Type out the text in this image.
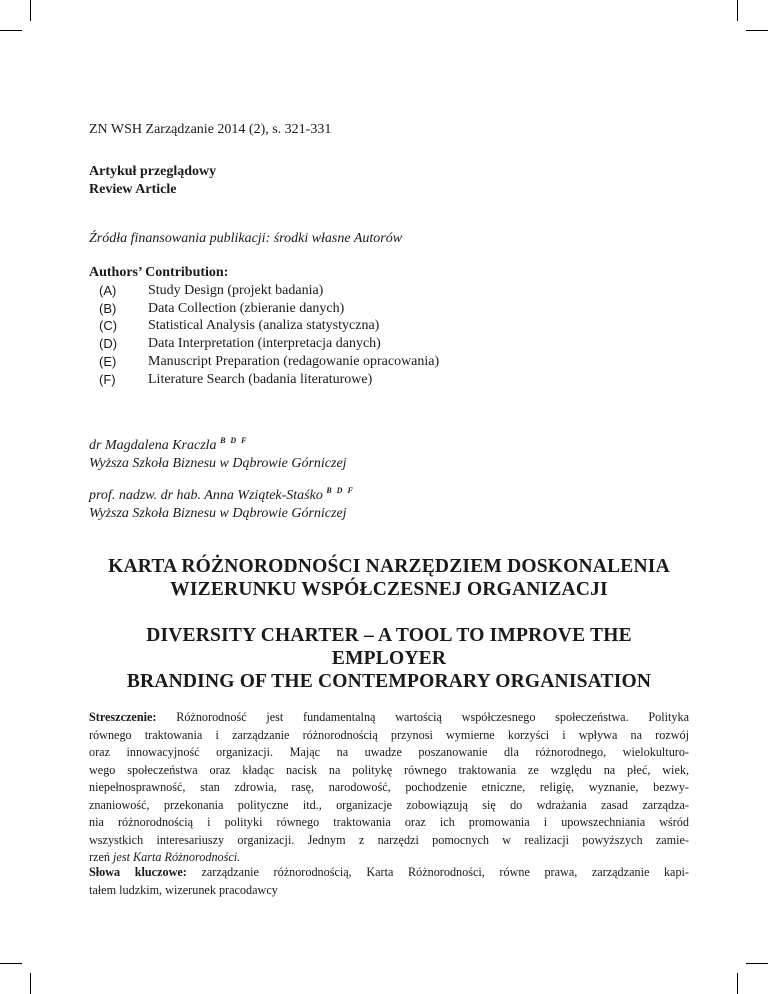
ZN WSH Zarządzanie 2014 (2), s. 321-331
Artykuł przeglądowy
Review Article
Źródła finansowania publikacji: środki własne Autorów
Authors’ Contribution:
(A)	Study Design (projekt badania)
(B)	Data Collection (zbieranie danych)
(C)	Statistical Analysis (analiza statystyczna)
(D)	Data Interpretation (interpretacja danych)
(E)	Manuscript Preparation (redagowanie opracowania)
(F)	Literature Search (badania literaturowe)
dr Magdalena Kraczla $^{B D F}$
Wyższa Szkoła Biznesu w Dąbrowie Górniczej
prof. nadzw. dr hab. Anna Wziątek-Staśko $^{B D F}$
Wyższa Szkoła Biznesu w Dąbrowie Górniczej
KARTA RÓŻNORODNOŚCI NARZĘDZIEM DOSKONALENIA
WIZERUNKU WSPÓŁCZESNEJ ORGANIZACJI
DIVERSITY CHARTER – A TOOL TO IMPROVE THE EMPLOYER
BRANDING OF THE CONTEMPORARY ORGANISATION
Streszczenie: Różnorodność jest fundamentalną wartością współczesnego społeczeństwa. Polityka
równego traktowania i zarządzanie różnorodnością przynosi wymierne korzyści i wpływa na rozwój
oraz innowacyjność organizacji. Mając na uwadze poszanowanie dla różnorodnego, wielokulturo-
wego społeczeństwa oraz kładąc nacisk na politykę równego traktowania ze względu na płeć, wiek,
niepełnosprawność, stan zdrowia, rasę, narodowość, pochodzenie etniczne, religię, wyznanie, bezwy-
znaniowość, przekonania polityczne itd., organizacje zobowiązują się do wdrażania zasad zarządza-
nia różnorodnością i polityki równego traktowania oraz ich promowania i upowszechniania wśród
wszystkich interesariuszy organizacji. Jednym z narzędzi pomocnych w realizacji powyższych zamie-
rzeń jest Karta Różnorodności.
Słowa kluczowe: zarządzanie różnorodnością, Karta Różnorodności, równe prawa, zarządzanie kapi-
tałem ludzkim, wizerunek pracodawcy
